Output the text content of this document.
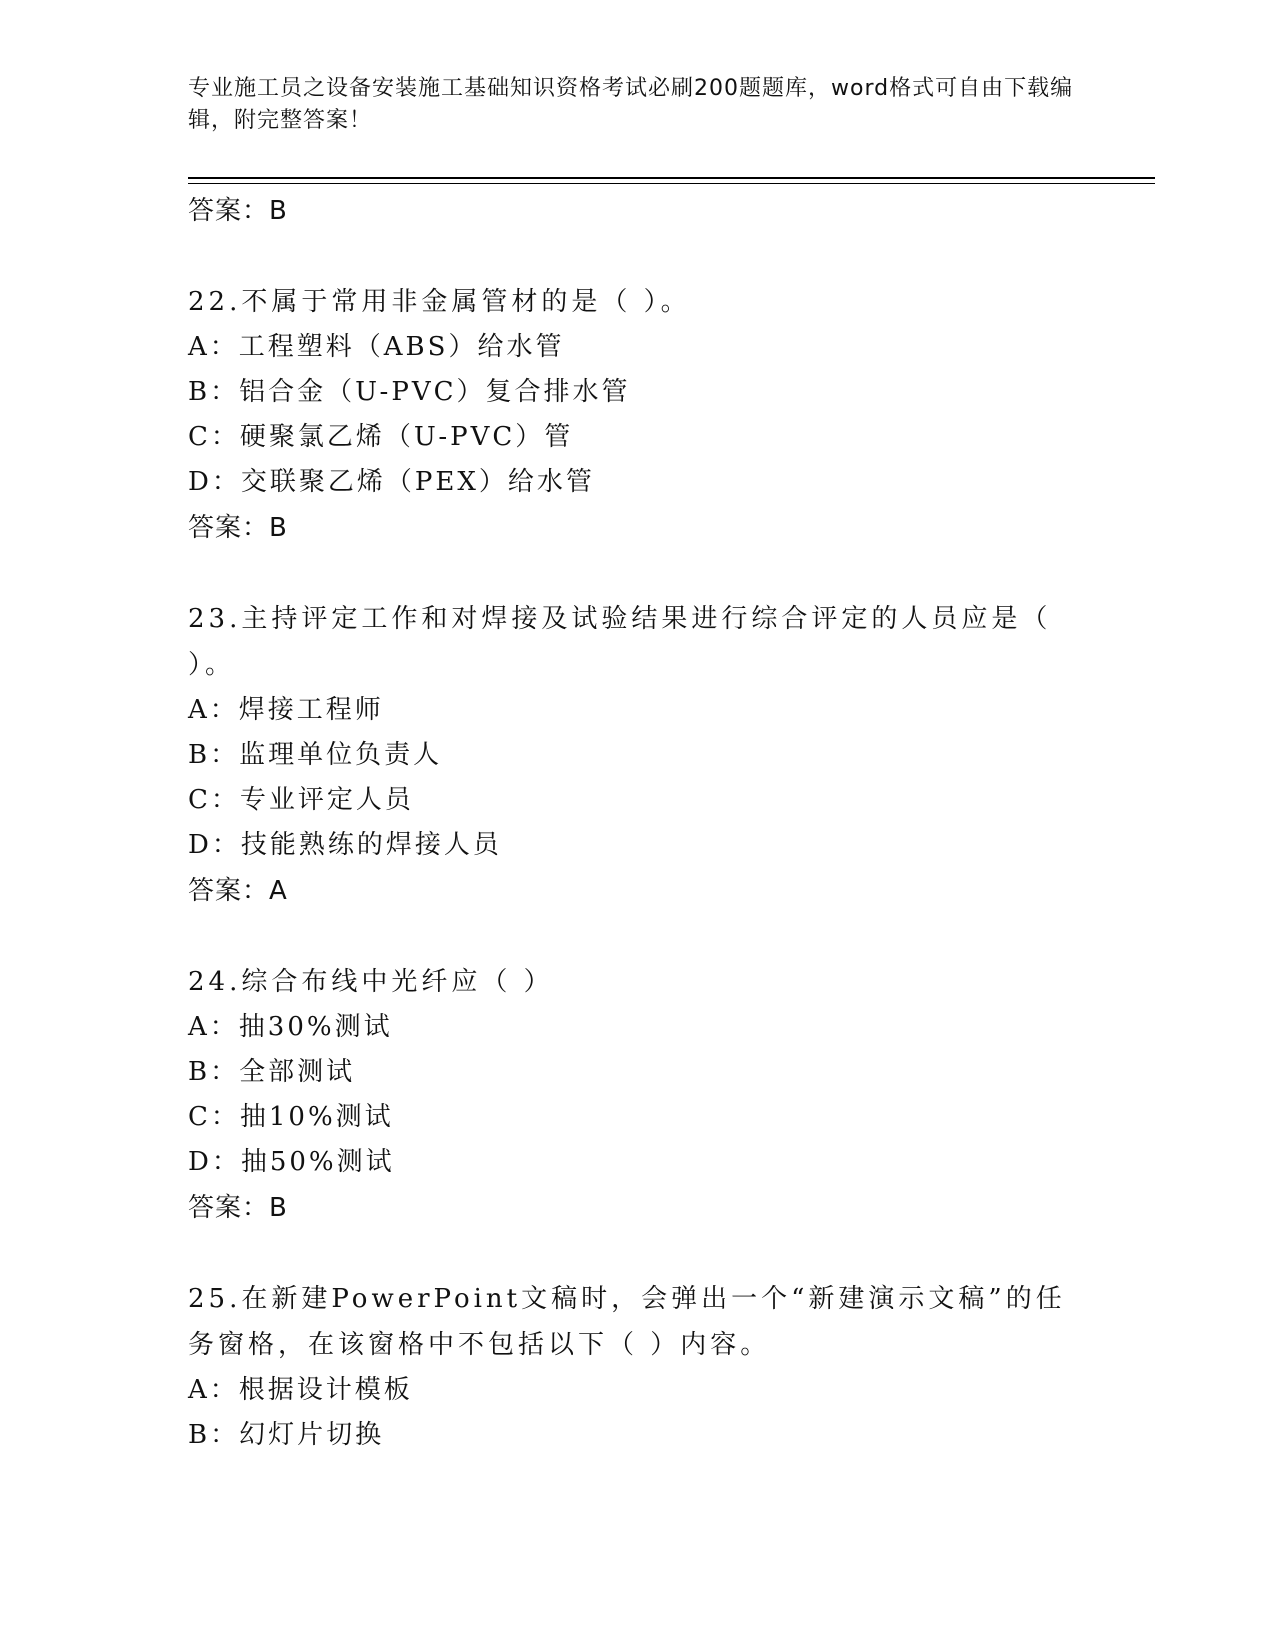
专业施工员之设备安装施工基础知识资格考试必刷200题题库，word格式可自由下载编辑，附完整答案！
答案：B
22.不属于常用非金属管材的是（ ）。
A：工程塑料（ABS）给水管
B：铝合金（U-PVC）复合排水管
C：硬聚氯乙烯（U-PVC）管
D：交联聚乙烯（PEX）给水管
答案：B
23.主持评定工作和对焊接及试验结果进行综合评定的人员应是（ ）。
A：焊接工程师
B：监理单位负责人
C：专业评定人员
D：技能熟练的焊接人员
答案：A
24.综合布线中光纤应（ ）
A：抽30%测试
B：全部测试
C：抽10%测试
D：抽50%测试
答案：B
25.在新建PowerPoint文稿时，会弹出一个“新建演示文稿”的任务窗格，在该窗格中不包括以下（ ）内容。
A：根据设计模板
B：幻灯片切换
